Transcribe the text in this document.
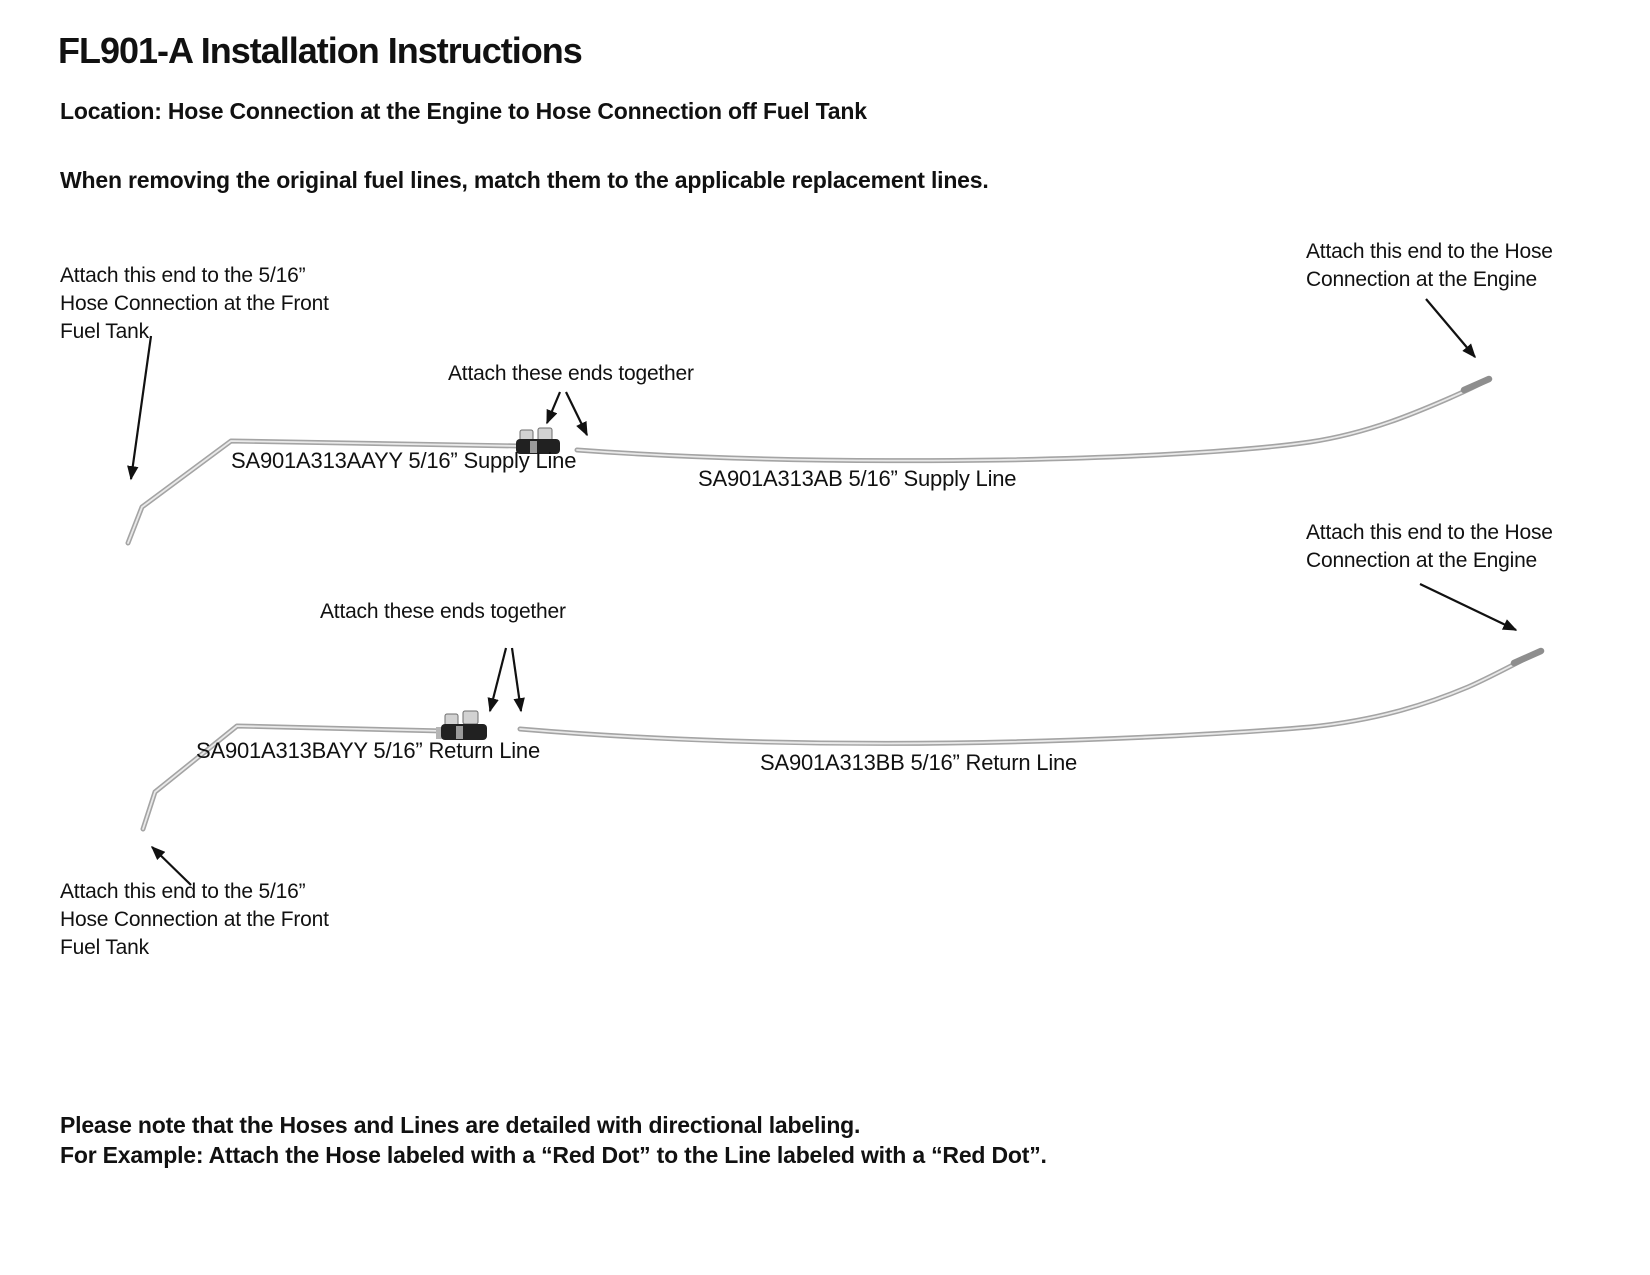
FL901-A Installation Instructions
Location: Hose Connection at the Engine to Hose Connection off Fuel Tank
When removing the original fuel lines, match them to the applicable replacement lines.
Attach this end to the 5/16”
Hose Connection at the Front
Fuel Tank
Attach this end to the Hose
Connection at the Engine
Attach these ends together
SA901A313AAYY 5/16” Supply Line
SA901A313AB 5/16” Supply Line
Attach this end to the Hose
Connection at the Engine
Attach these ends together
SA901A313BAYY 5/16” Return Line	SA901A313BB 5/16” Return Line
Attach this end to the 5/16”
Hose Connection at the Front
Fuel Tank
Please note that the Hoses and Lines are detailed with directional labeling.
For Example: Attach the Hose labeled with a “Red Dot” to the Line labeled with a “Red Dot”.
